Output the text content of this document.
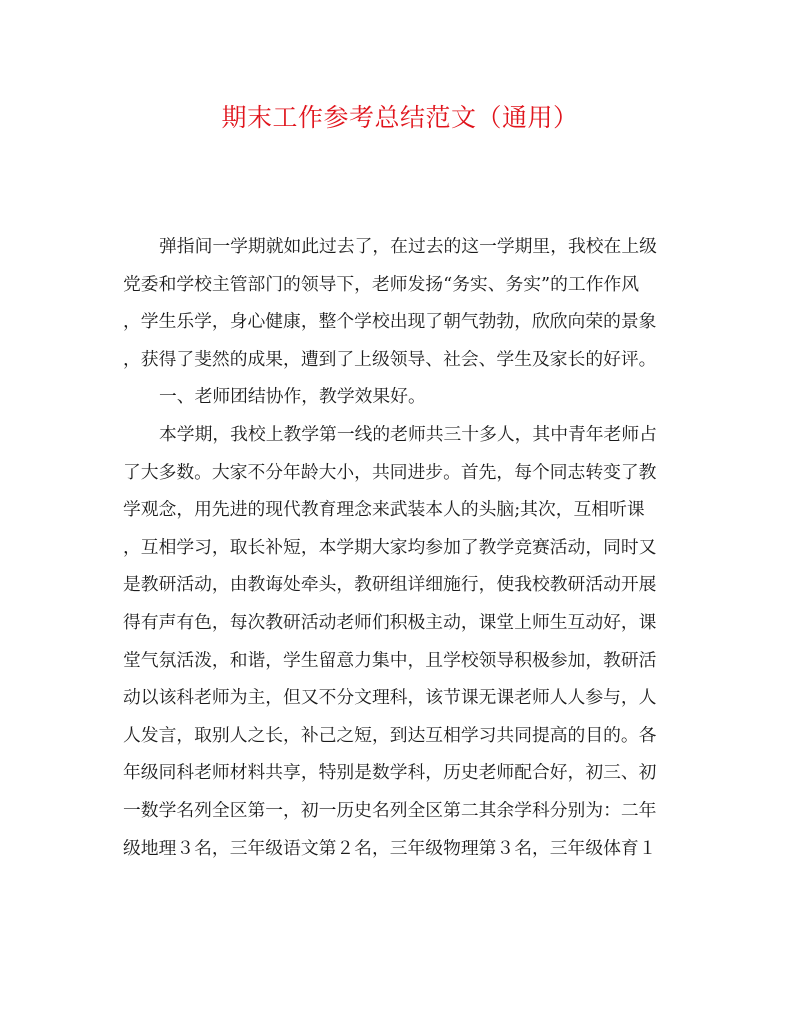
期末工作参考总结范文（通用）
弹指间一学期就如此过去了，在过去的这一学期里，我校在上级
党委和学校主管部门的领导下，老师发扬“务实、务实”的工作作风
，学生乐学，身心健康，整个学校出现了朝气勃勃，欣欣向荣的景象
，获得了斐然的成果，遭到了上级领导、社会、学生及家长的好评。
一、老师团结协作，教学效果好。
本学期，我校上教学第一线的老师共三十多人，其中青年老师占
了大多数。大家不分年龄大小，共同进步。首先，每个同志转变了教
学观念，用先进的现代教育理念来武装本人的头脑;其次，互相听课
，互相学习，取长补短，本学期大家均参加了教学竞赛活动，同时又
是教研活动，由教诲处牵头，教研组详细施行，使我校教研活动开展
得有声有色，每次教研活动老师们积极主动，课堂上师生互动好，课
堂气氛活泼，和谐，学生留意力集中，且学校领导积极参加，教研活
动以该科老师为主，但又不分文理科，该节课无课老师人人参与，人
人发言，取别人之长，补己之短，到达互相学习共同提高的目的。各
年级同科老师材料共享，特别是数学科，历史老师配合好，初三、初
一数学名列全区第一，初一历史名列全区第二其余学科分别为：二年
级地理３名，三年级语文第２名，三年级物理第３名，三年级体育１
